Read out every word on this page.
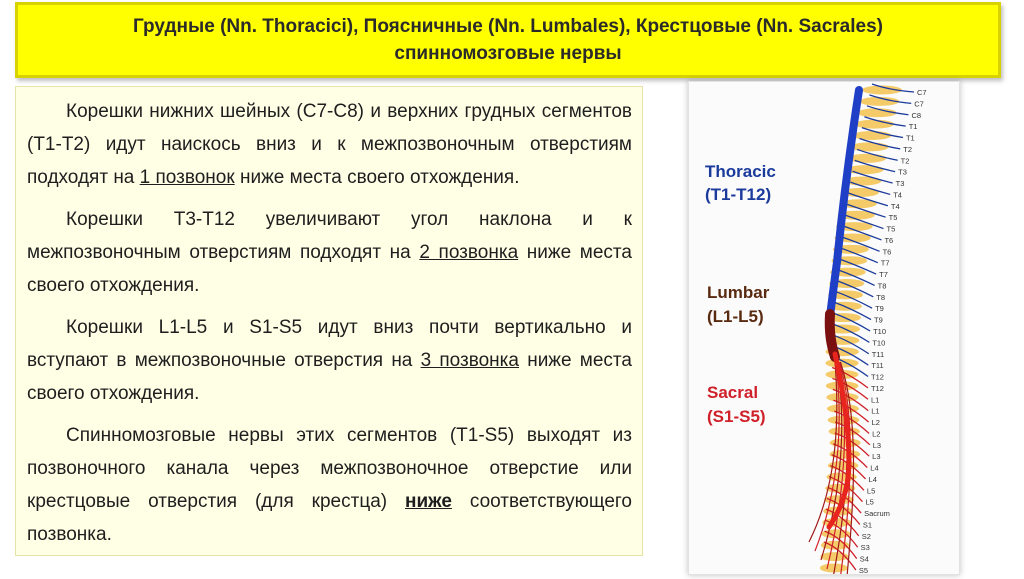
Грудные (Nn. Thoracici), Поясничные (Nn. Lumbales), Крестцовые (Nn. Sacrales)
спинномозговые нервы

Корешки нижних шейных (С7-С8) и верхних грудных сегментов (Т1-Т2) идут наискось вниз и к межпозвоночным отверстиям подходят на 1 позвонок ниже места своего отхождения.

Корешки Т3-Т12 увеличивают угол наклона и к межпозвоночным отверстиям подходят на 2 позвонка ниже места своего отхождения.

Корешки L1-L5 и S1-S5 идут вниз почти вертикально и вступают в межпозвоночные отверстия на 3 позвонка ниже места своего отхождения.

Спинномозговые нервы этих сегментов (Т1-S5) выходят из позвоночного канала через межпозвоночное отверстие или крестцовые отверстия (для крестца) ниже соответствующего позвонка.

C7
C7
C8
T1
T1
T2
T2
T3
T3
T4
T4
T5
T5
T6
T6
T7
T7
T8
T8
T9
T9
T10
T10
T11
T11
T12
T12
L1
L1
L2
L2
L3
L3
L4
L4
L5
L5
Sacrum
S1
S2
S3
S4
S5
Thoracic
(T1-T12)
Lumbar
(L1-L5)
Sacral
(S1-S5)
